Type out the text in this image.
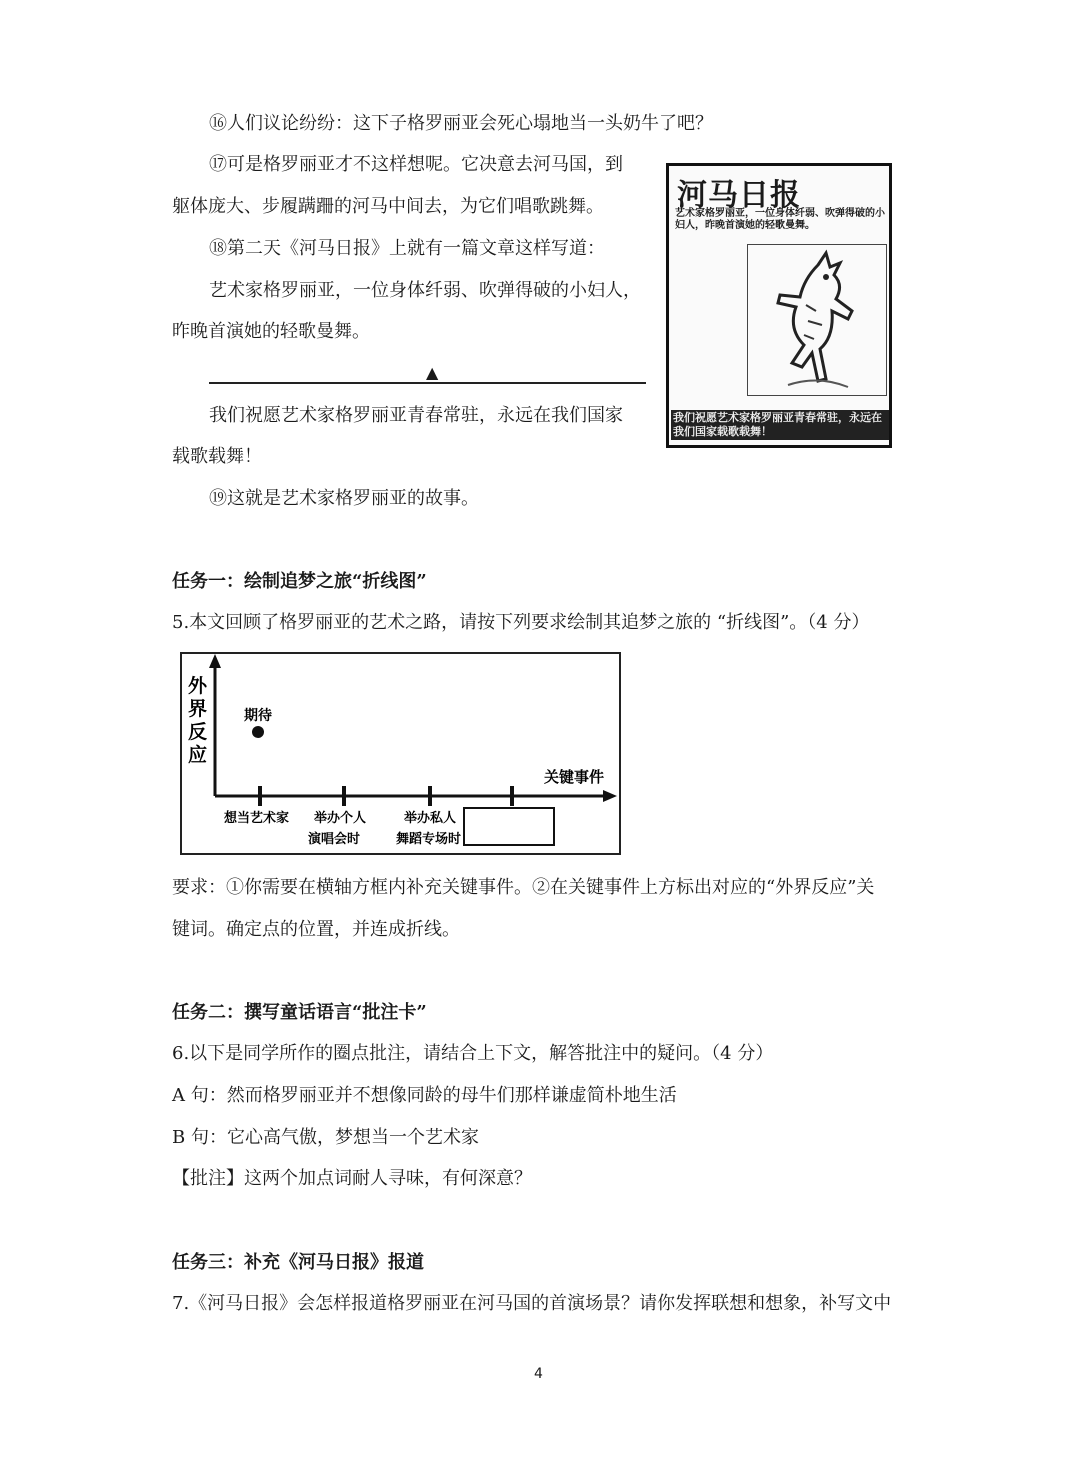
⑯人们议论纷纷：这下子格罗丽亚会死心塌地当一头奶牛了吧？
⑰可是格罗丽亚才不这样想呢。它决意去河马国，到
躯体庞大、步履蹒跚的河马中间去，为它们唱歌跳舞。
⑱第二天《河马日报》上就有一篇文章这样写道：
艺术家格罗丽亚，一位身体纤弱、吹弹得破的小妇人，
昨晚首演她的轻歌曼舞。
▲
我们祝愿艺术家格罗丽亚青春常驻，永远在我们国家
载歌载舞！
⑲这就是艺术家格罗丽亚的故事。
河马日报
艺术家格罗丽亚，一位身体纤弱、吹弹得破的小妇人，昨晚首演她的轻歌曼舞。
我们祝愿艺术家格罗丽亚青春常驻，永远在我们国家载歌载舞！
任务一：绘制追梦之旅“折线图”
5.本文回顾了格罗丽亚的艺术之路，请按下列要求绘制其追梦之旅的 “折线图”。（4 分）
外
界
反
应
关键事件
想当艺术家 举办个人
演唱会时
举办私人
舞蹈专场时
期待
要求：①你需要在横轴方框内补充关键事件。②在关键事件上方标出对应的“外界反应”关
键词。确定点的位置，并连成折线。
任务二：撰写童话语言“批注卡”
6.以下是同学所作的圈点批注，请结合上下文，解答批注中的疑问。（4 分）
A 句：然而格罗丽亚并不想像同龄的母牛们那样谦虚简朴地生活
B 句：它心高气傲，梦想当一个艺术家
【批注】这两个加点词耐人寻味，有何深意？
任务三：补充《河马日报》报道
7.《河马日报》会怎样报道格罗丽亚在河马国的首演场景？请你发挥联想和想象，补写文中
4
